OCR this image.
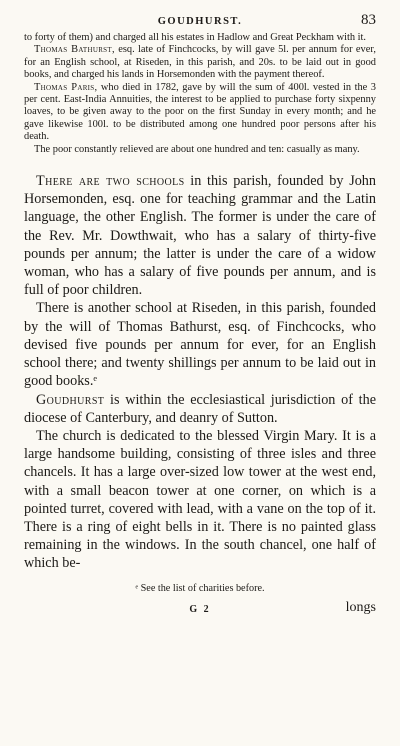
GOUDHURST.	83

to forty of them) and charged all his estates in Hadlow and Great Peckham with it.

Thomas Bathurst, esq. late of Finchcocks, by will gave 5l. per annum for ever, for an English school, at Riseden, in this parish, and 20s. to be laid out in good books, and charged his lands in Horsemonden with the payment thereof.

Thomas Paris, who died in 1782, gave by will the sum of 400l. vested in the 3 per cent. East-India Annuities, the interest to be applied to purchase forty sixpenny loaves, to be given away to the poor on the first Sunday in every month; and he gave likewise 100l. to be distributed among one hundred poor persons after his death.

The poor constantly relieved are about one hundred and ten: casually as many.

There are two schools in this parish, founded by John Horsemonden, esq. one for teaching grammar and the Latin language, the other English. The former is under the care of the Rev. Mr. Dowthwait, who has a salary of thirty-five pounds per annum; the latter is under the care of a widow woman, who has a salary of five pounds per annum, and is full of poor children.

There is another school at Riseden, in this parish, founded by the will of Thomas Bathurst, esq. of Finchcocks, who devised five pounds per annum for ever, for an English school there; and twenty shillings per annum to be laid out in good books.ᵉ

Goudhurst is within the ecclesiastical jurisdiction of the diocese of Canterbury, and deanry of Sutton.

The church is dedicated to the blessed Virgin Mary. It is a large handsome building, consisting of three isles and three chancels. It has a large over-sized low tower at the west end, with a small beacon tower at one corner, on which is a pointed turret, covered with lead, with a vane on the top of it. There is a ring of eight bells in it. There is no painted glass remaining in the windows. In the south chancel, one half of which be-

ᵉ See the list of charities before.
G 2	longs
